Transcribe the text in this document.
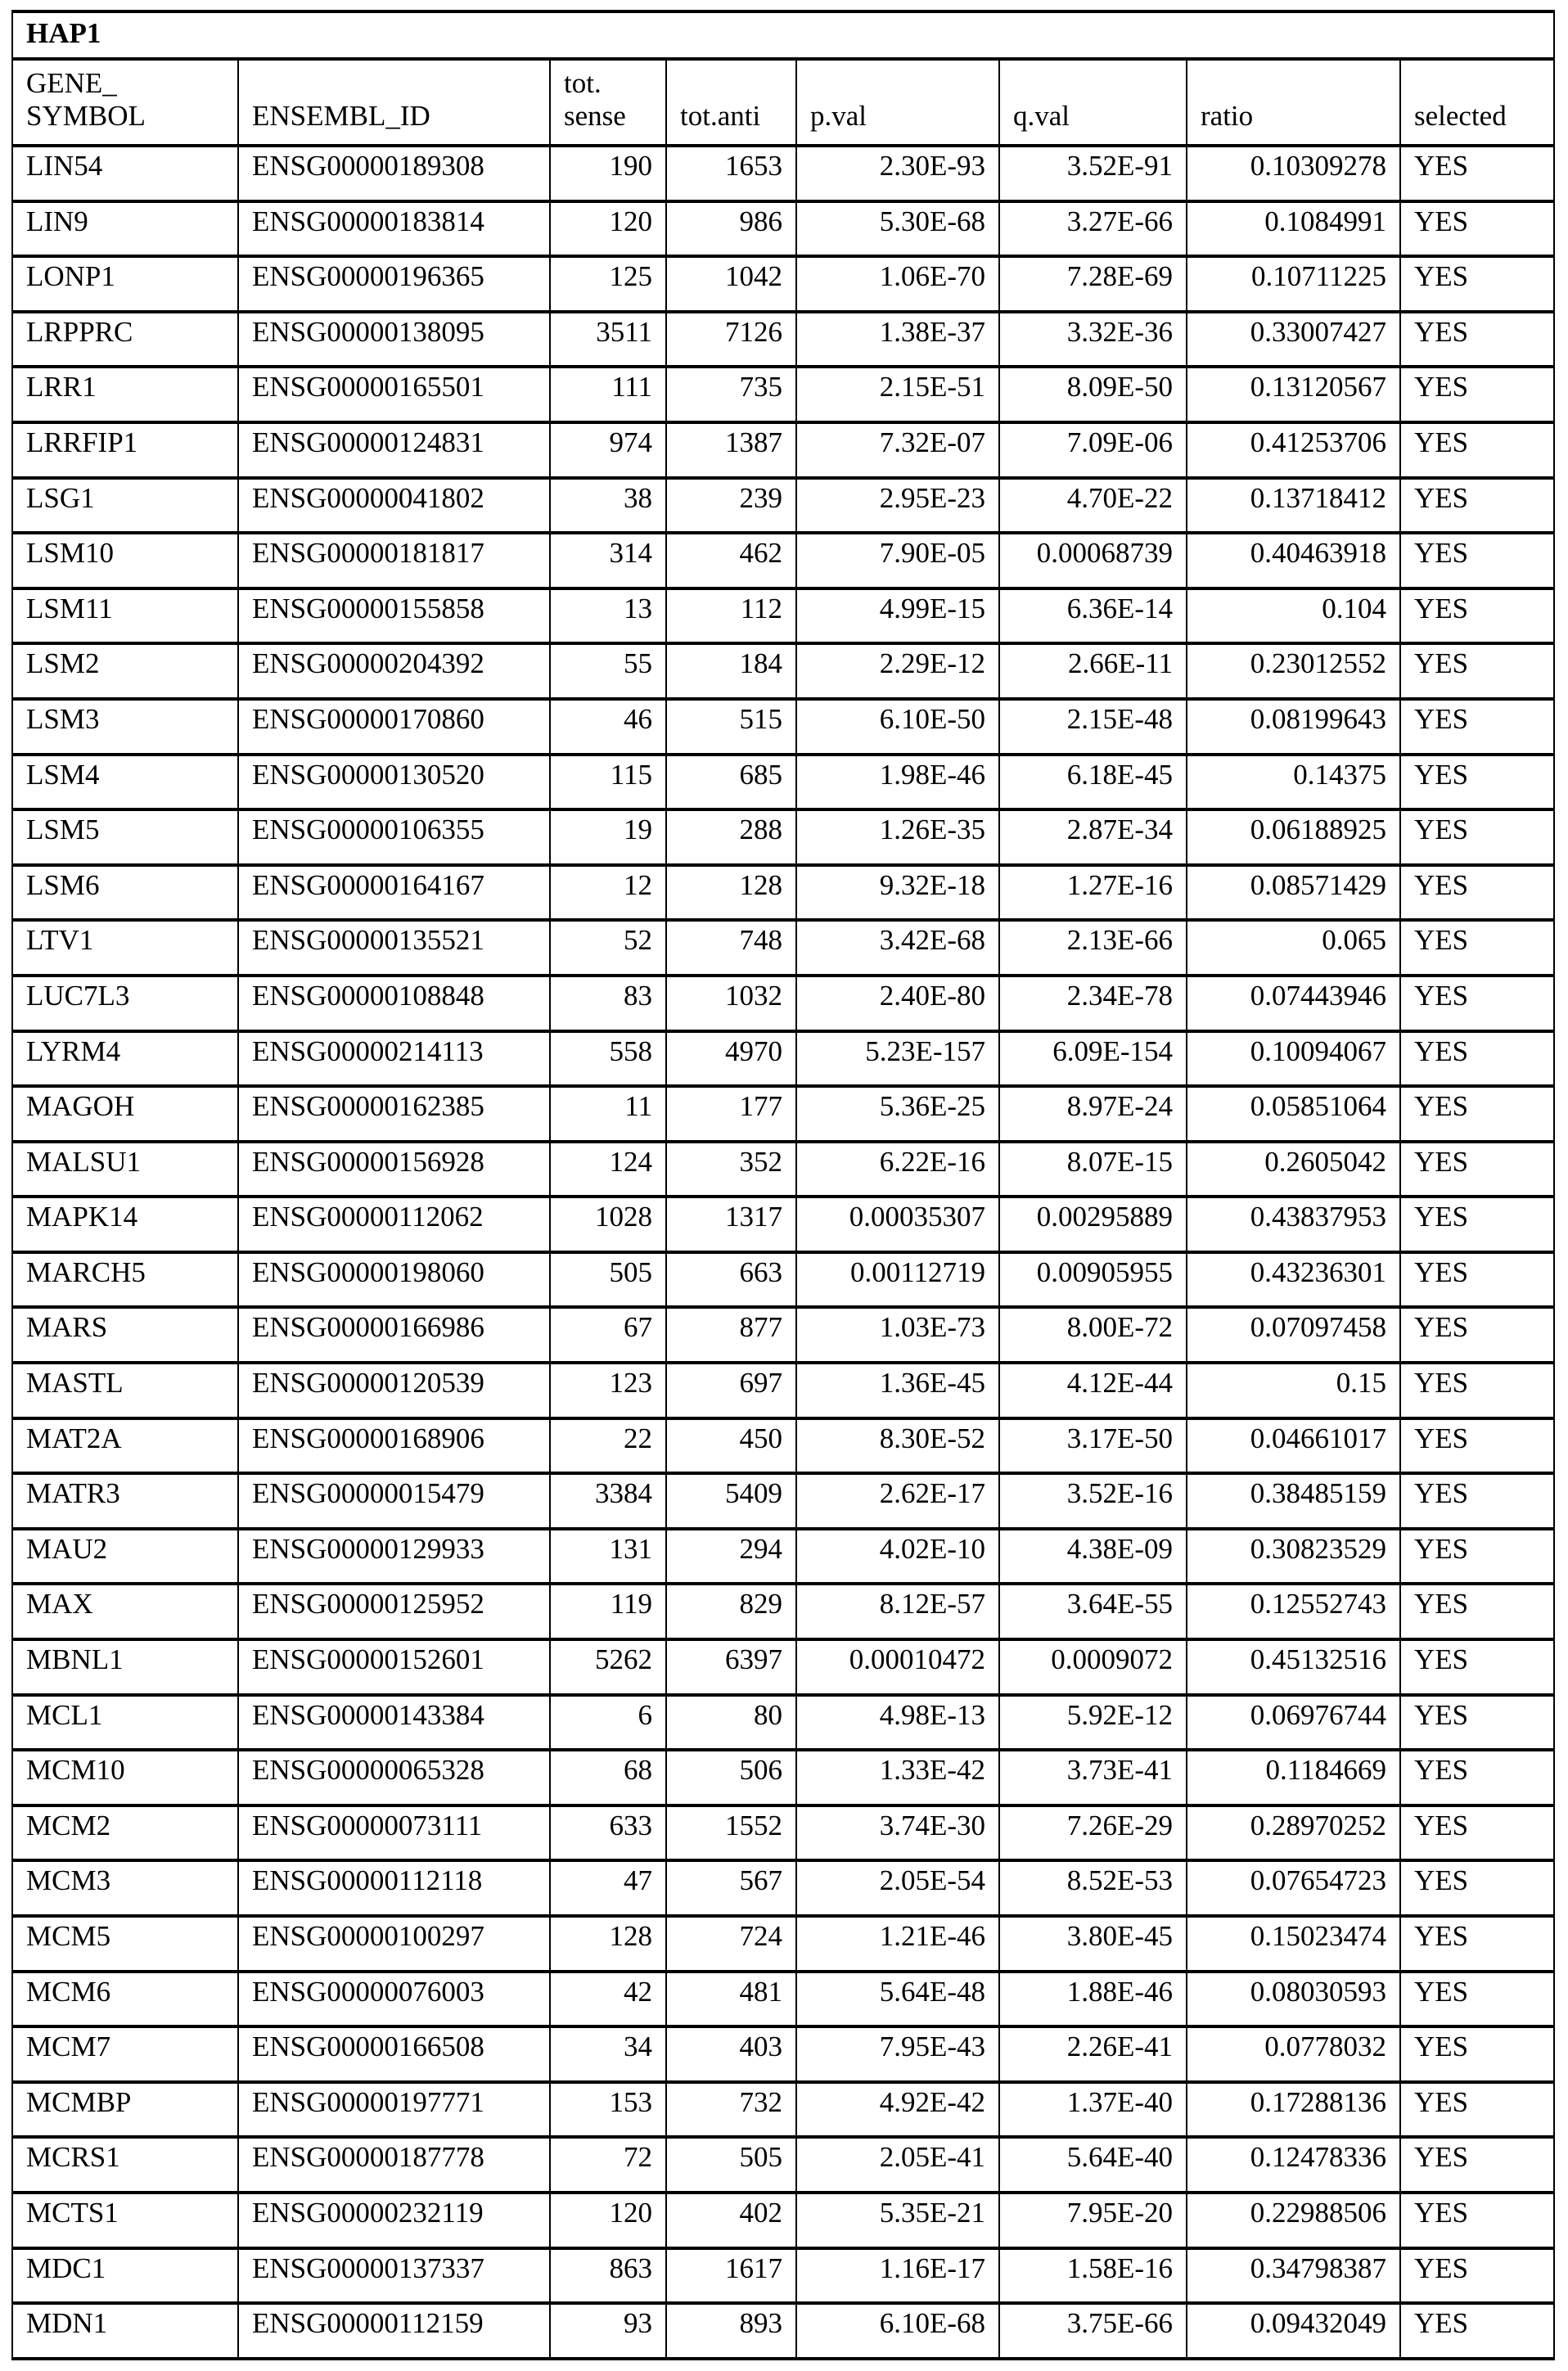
HAP1
GENE_ SYMBOL	ENSEMBL_ID	tot. sense	tot.anti	p.val	q.val	ratio	selected
LIN54	ENSG00000189308	190	1653	2.30E-93	3.52E-91	0.10309278	YES
LIN9	ENSG00000183814	120	986	5.30E-68	3.27E-66	0.1084991	YES
LONP1	ENSG00000196365	125	1042	1.06E-70	7.28E-69	0.10711225	YES
LRPPRC	ENSG00000138095	3511	7126	1.38E-37	3.32E-36	0.33007427	YES
LRR1	ENSG00000165501	111	735	2.15E-51	8.09E-50	0.13120567	YES
LRRFIP1	ENSG00000124831	974	1387	7.32E-07	7.09E-06	0.41253706	YES
LSG1	ENSG00000041802	38	239	2.95E-23	4.70E-22	0.13718412	YES
LSM10	ENSG00000181817	314	462	7.90E-05	0.00068739	0.40463918	YES
LSM11	ENSG00000155858	13	112	4.99E-15	6.36E-14	0.104	YES
LSM2	ENSG00000204392	55	184	2.29E-12	2.66E-11	0.23012552	YES
LSM3	ENSG00000170860	46	515	6.10E-50	2.15E-48	0.08199643	YES
LSM4	ENSG00000130520	115	685	1.98E-46	6.18E-45	0.14375	YES
LSM5	ENSG00000106355	19	288	1.26E-35	2.87E-34	0.06188925	YES
LSM6	ENSG00000164167	12	128	9.32E-18	1.27E-16	0.08571429	YES
LTV1	ENSG00000135521	52	748	3.42E-68	2.13E-66	0.065	YES
LUC7L3	ENSG00000108848	83	1032	2.40E-80	2.34E-78	0.07443946	YES
LYRM4	ENSG00000214113	558	4970	5.23E-157	6.09E-154	0.10094067	YES
MAGOH	ENSG00000162385	11	177	5.36E-25	8.97E-24	0.05851064	YES
MALSU1	ENSG00000156928	124	352	6.22E-16	8.07E-15	0.2605042	YES
MAPK14	ENSG00000112062	1028	1317	0.00035307	0.00295889	0.43837953	YES
MARCH5	ENSG00000198060	505	663	0.00112719	0.00905955	0.43236301	YES
MARS	ENSG00000166986	67	877	1.03E-73	8.00E-72	0.07097458	YES
MASTL	ENSG00000120539	123	697	1.36E-45	4.12E-44	0.15	YES
MAT2A	ENSG00000168906	22	450	8.30E-52	3.17E-50	0.04661017	YES
MATR3	ENSG00000015479	3384	5409	2.62E-17	3.52E-16	0.38485159	YES
MAU2	ENSG00000129933	131	294	4.02E-10	4.38E-09	0.30823529	YES
MAX	ENSG00000125952	119	829	8.12E-57	3.64E-55	0.12552743	YES
MBNL1	ENSG00000152601	5262	6397	0.00010472	0.0009072	0.45132516	YES
MCL1	ENSG00000143384	6	80	4.98E-13	5.92E-12	0.06976744	YES
MCM10	ENSG00000065328	68	506	1.33E-42	3.73E-41	0.1184669	YES
MCM2	ENSG00000073111	633	1552	3.74E-30	7.26E-29	0.28970252	YES
MCM3	ENSG00000112118	47	567	2.05E-54	8.52E-53	0.07654723	YES
MCM5	ENSG00000100297	128	724	1.21E-46	3.80E-45	0.15023474	YES
MCM6	ENSG00000076003	42	481	5.64E-48	1.88E-46	0.08030593	YES
MCM7	ENSG00000166508	34	403	7.95E-43	2.26E-41	0.0778032	YES
MCMBP	ENSG00000197771	153	732	4.92E-42	1.37E-40	0.17288136	YES
MCRS1	ENSG00000187778	72	505	2.05E-41	5.64E-40	0.12478336	YES
MCTS1	ENSG00000232119	120	402	5.35E-21	7.95E-20	0.22988506	YES
MDC1	ENSG00000137337	863	1617	1.16E-17	1.58E-16	0.34798387	YES
MDN1	ENSG00000112159	93	893	6.10E-68	3.75E-66	0.09432049	YES
